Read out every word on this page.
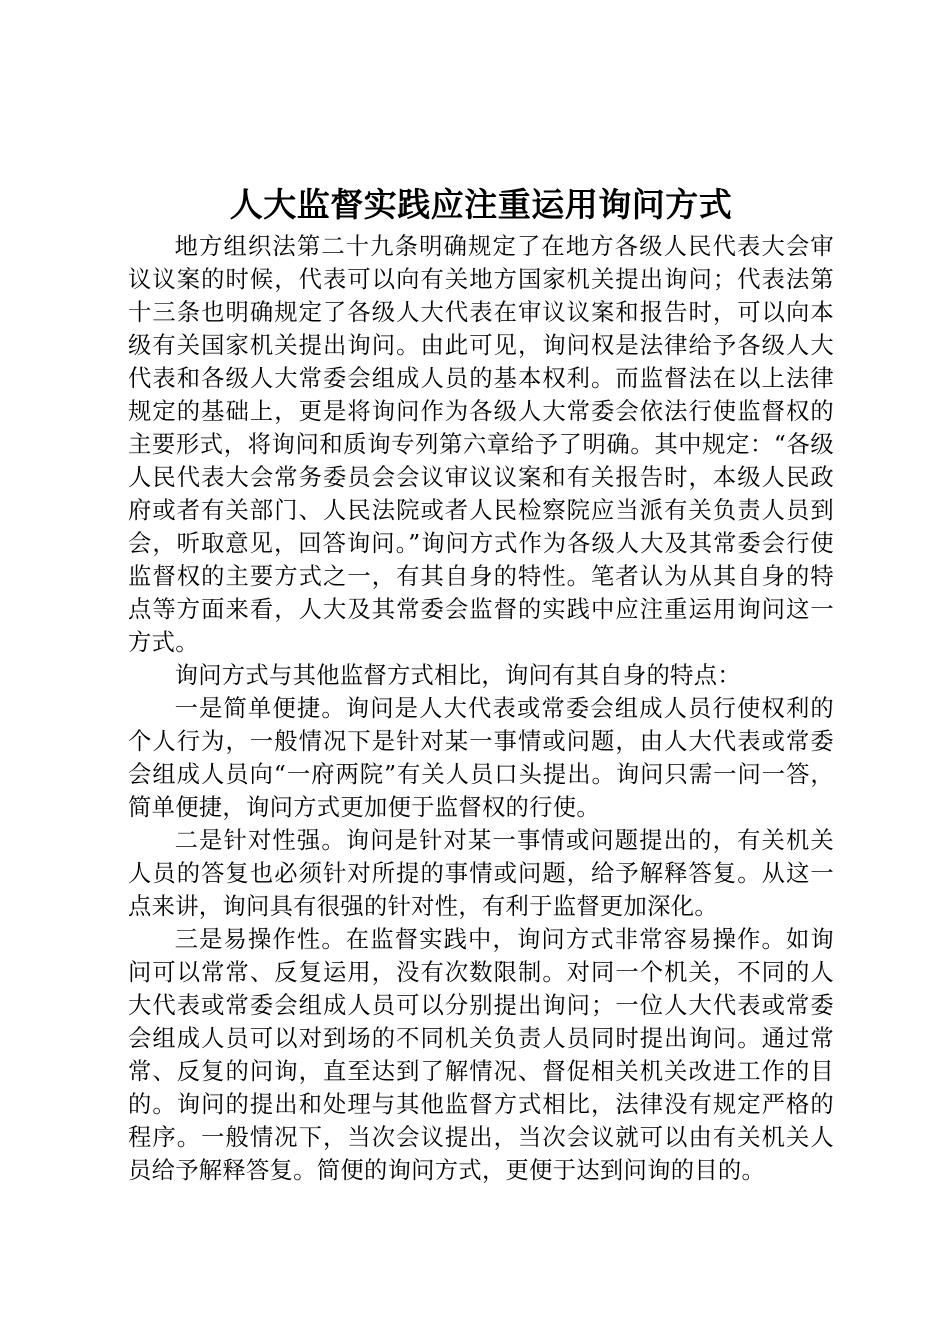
人大监督实践应注重运用询问方式

地方组织法第二十九条明确规定了在地方各级人民代表大会审议议案的时候，代表可以向有关地方国家机关提出询问；代表法第十三条也明确规定了各级人大代表在审议议案和报告时，可以向本级有关国家机关提出询问。由此可见，询问权是法律给予各级人大代表和各级人大常委会组成人员的基本权利。而监督法在以上法律规定的基础上，更是将询问作为各级人大常委会依法行使监督权的主要形式，将询问和质询专列第六章给予了明确。其中规定：“各级人民代表大会常务委员会会议审议议案和有关报告时，本级人民政府或者有关部门、人民法院或者人民检察院应当派有关负责人员到会，听取意见，回答询问。”询问方式作为各级人大及其常委会行使监督权的主要方式之一，有其自身的特性。笔者认为从其自身的特点等方面来看，人大及其常委会监督的实践中应注重运用询问这一方式。

询问方式与其他监督方式相比，询问有其自身的特点：

一是简单便捷。询问是人大代表或常委会组成人员行使权利的个人行为，一般情况下是针对某一事情或问题，由人大代表或常委会组成人员向“一府两院”有关人员口头提出。询问只需一问一答，简单便捷，询问方式更加便于监督权的行使。

二是针对性强。询问是针对某一事情或问题提出的，有关机关人员的答复也必须针对所提的事情或问题，给予解释答复。从这一点来讲，询问具有很强的针对性，有利于监督更加深化。

三是易操作性。在监督实践中，询问方式非常容易操作。如询问可以常常、反复运用，没有次数限制。对同一个机关，不同的人大代表或常委会组成人员可以分别提出询问；一位人大代表或常委会组成人员可以对到场的不同机关负责人员同时提出询问。通过常常、反复的问询，直至达到了解情况、督促相关机关改进工作的目的。询问的提出和处理与其他监督方式相比，法律没有规定严格的程序。一般情况下，当次会议提出，当次会议就可以由有关机关人员给予解释答复。简便的询问方式，更便于达到问询的目的。
